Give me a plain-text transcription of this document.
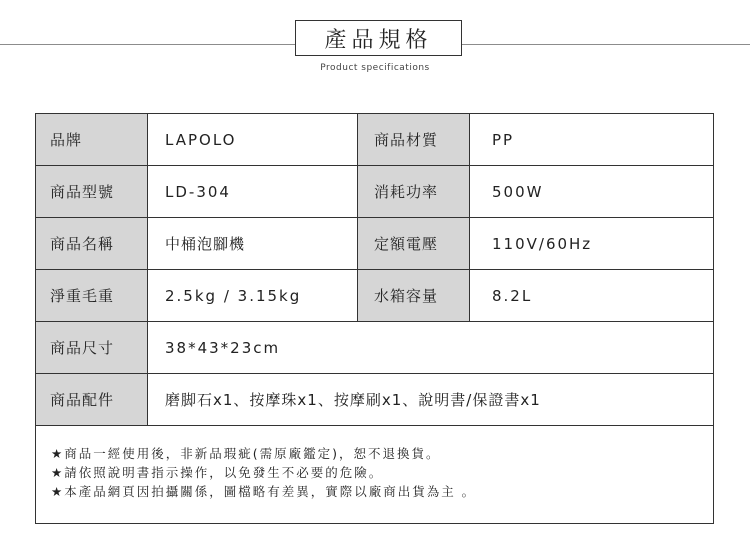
產品規格
Product specifications
品牌	LAPOLO	商品材質	PP
商品型號	LD-304	消耗功率	500W
商品名稱	中桶泡腳機	定額電壓	110V/60Hz
淨重毛重	2.5kg / 3.15kg	水箱容量	8.2L
商品尺寸	38*43*23cm
商品配件	磨脚石x1、按摩珠x1、按摩刷x1、說明書/保證書x1
★商品一經使用後，非新品瑕疵(需原廠鑑定)，恕不退換貨。
★請依照說明書指示操作，以免發生不必要的危險。
★本產品網頁因拍攝關係，圖檔略有差異，實際以廠商出貨為主 。
